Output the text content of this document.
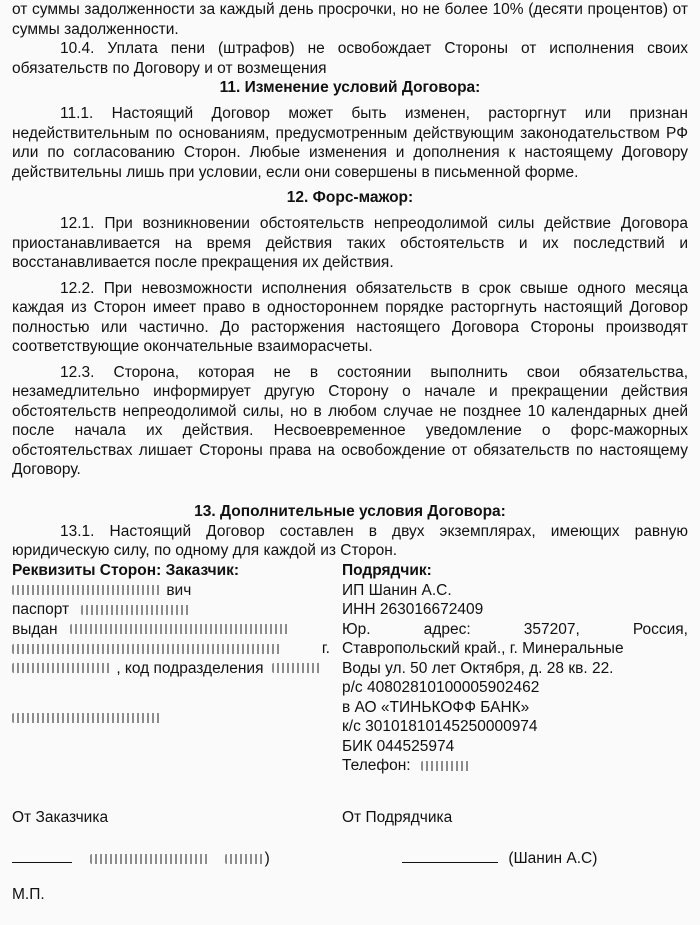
от суммы задолженности за каждый день просрочки, но не более 10% (десяти процентов) от суммы задолженности.

10.4. Уплата пени (штрафов) не освобождает Стороны от исполнения своих обязательств по Договору и от возмещения

11. Изменение условий Договора:

11.1. Настоящий Договор может быть изменен, расторгнут или признан недействительным по основаниям, предусмотренным действующим законодательством РФ или по согласованию Сторон. Любые изменения и дополнения к настоящему Договору действительны лишь при условии, если они совершены в письменной форме.

12. Форс-мажор:

12.1. При возникновении обстоятельств непреодолимой силы действие Договора приостанавливается на время действия таких обстоятельств и их последствий и восстанавливается после прекращения их действия.

12.2. При невозможности исполнения обязательств в срок свыше одного месяца каждая из Сторон имеет право в одностороннем порядке расторгнуть настоящий Договор полностью или частично. До расторжения настоящего Договора Стороны производят соответствующие окончательные взаиморасчеты.

12.3. Сторона, которая не в состоянии выполнить свои обязательства, незамедлительно информирует другую Сторону о начале и прекращении действия обстоятельств непреодолимой силы, но в любом случае не позднее 10 календарных дней после начала их действия. Несвоевременное уведомление о форс-мажорных обстоятельствах лишает Стороны права на освобождение от обязательств по настоящему Договору.

13. Дополнительные условия Договора:

13.1. Настоящий Договор составлен в двух экземплярах, имеющих равную юридическую силу, по одному для каждой из Сторон.

Реквизиты Сторон: Заказчик:
вич
паспорт
выдан
г.
, код подразделения
Подрядчик:
ИП Шанин А.С.
ИНН 263016672409
Юр.	адрес:	357207,	Россия,
Ставропольский край., г. Минеральные
Воды ул. 50 лет Октября, д. 28 кв. 22.
р/с 40802810100005902462
в АО «ТИНЬКОФФ БАНК»
к/с 30101810145250000974
БИК 044525974
Телефон:
От Заказчика	От Подрядчика
)	(Шанин А.С)
М.П.
